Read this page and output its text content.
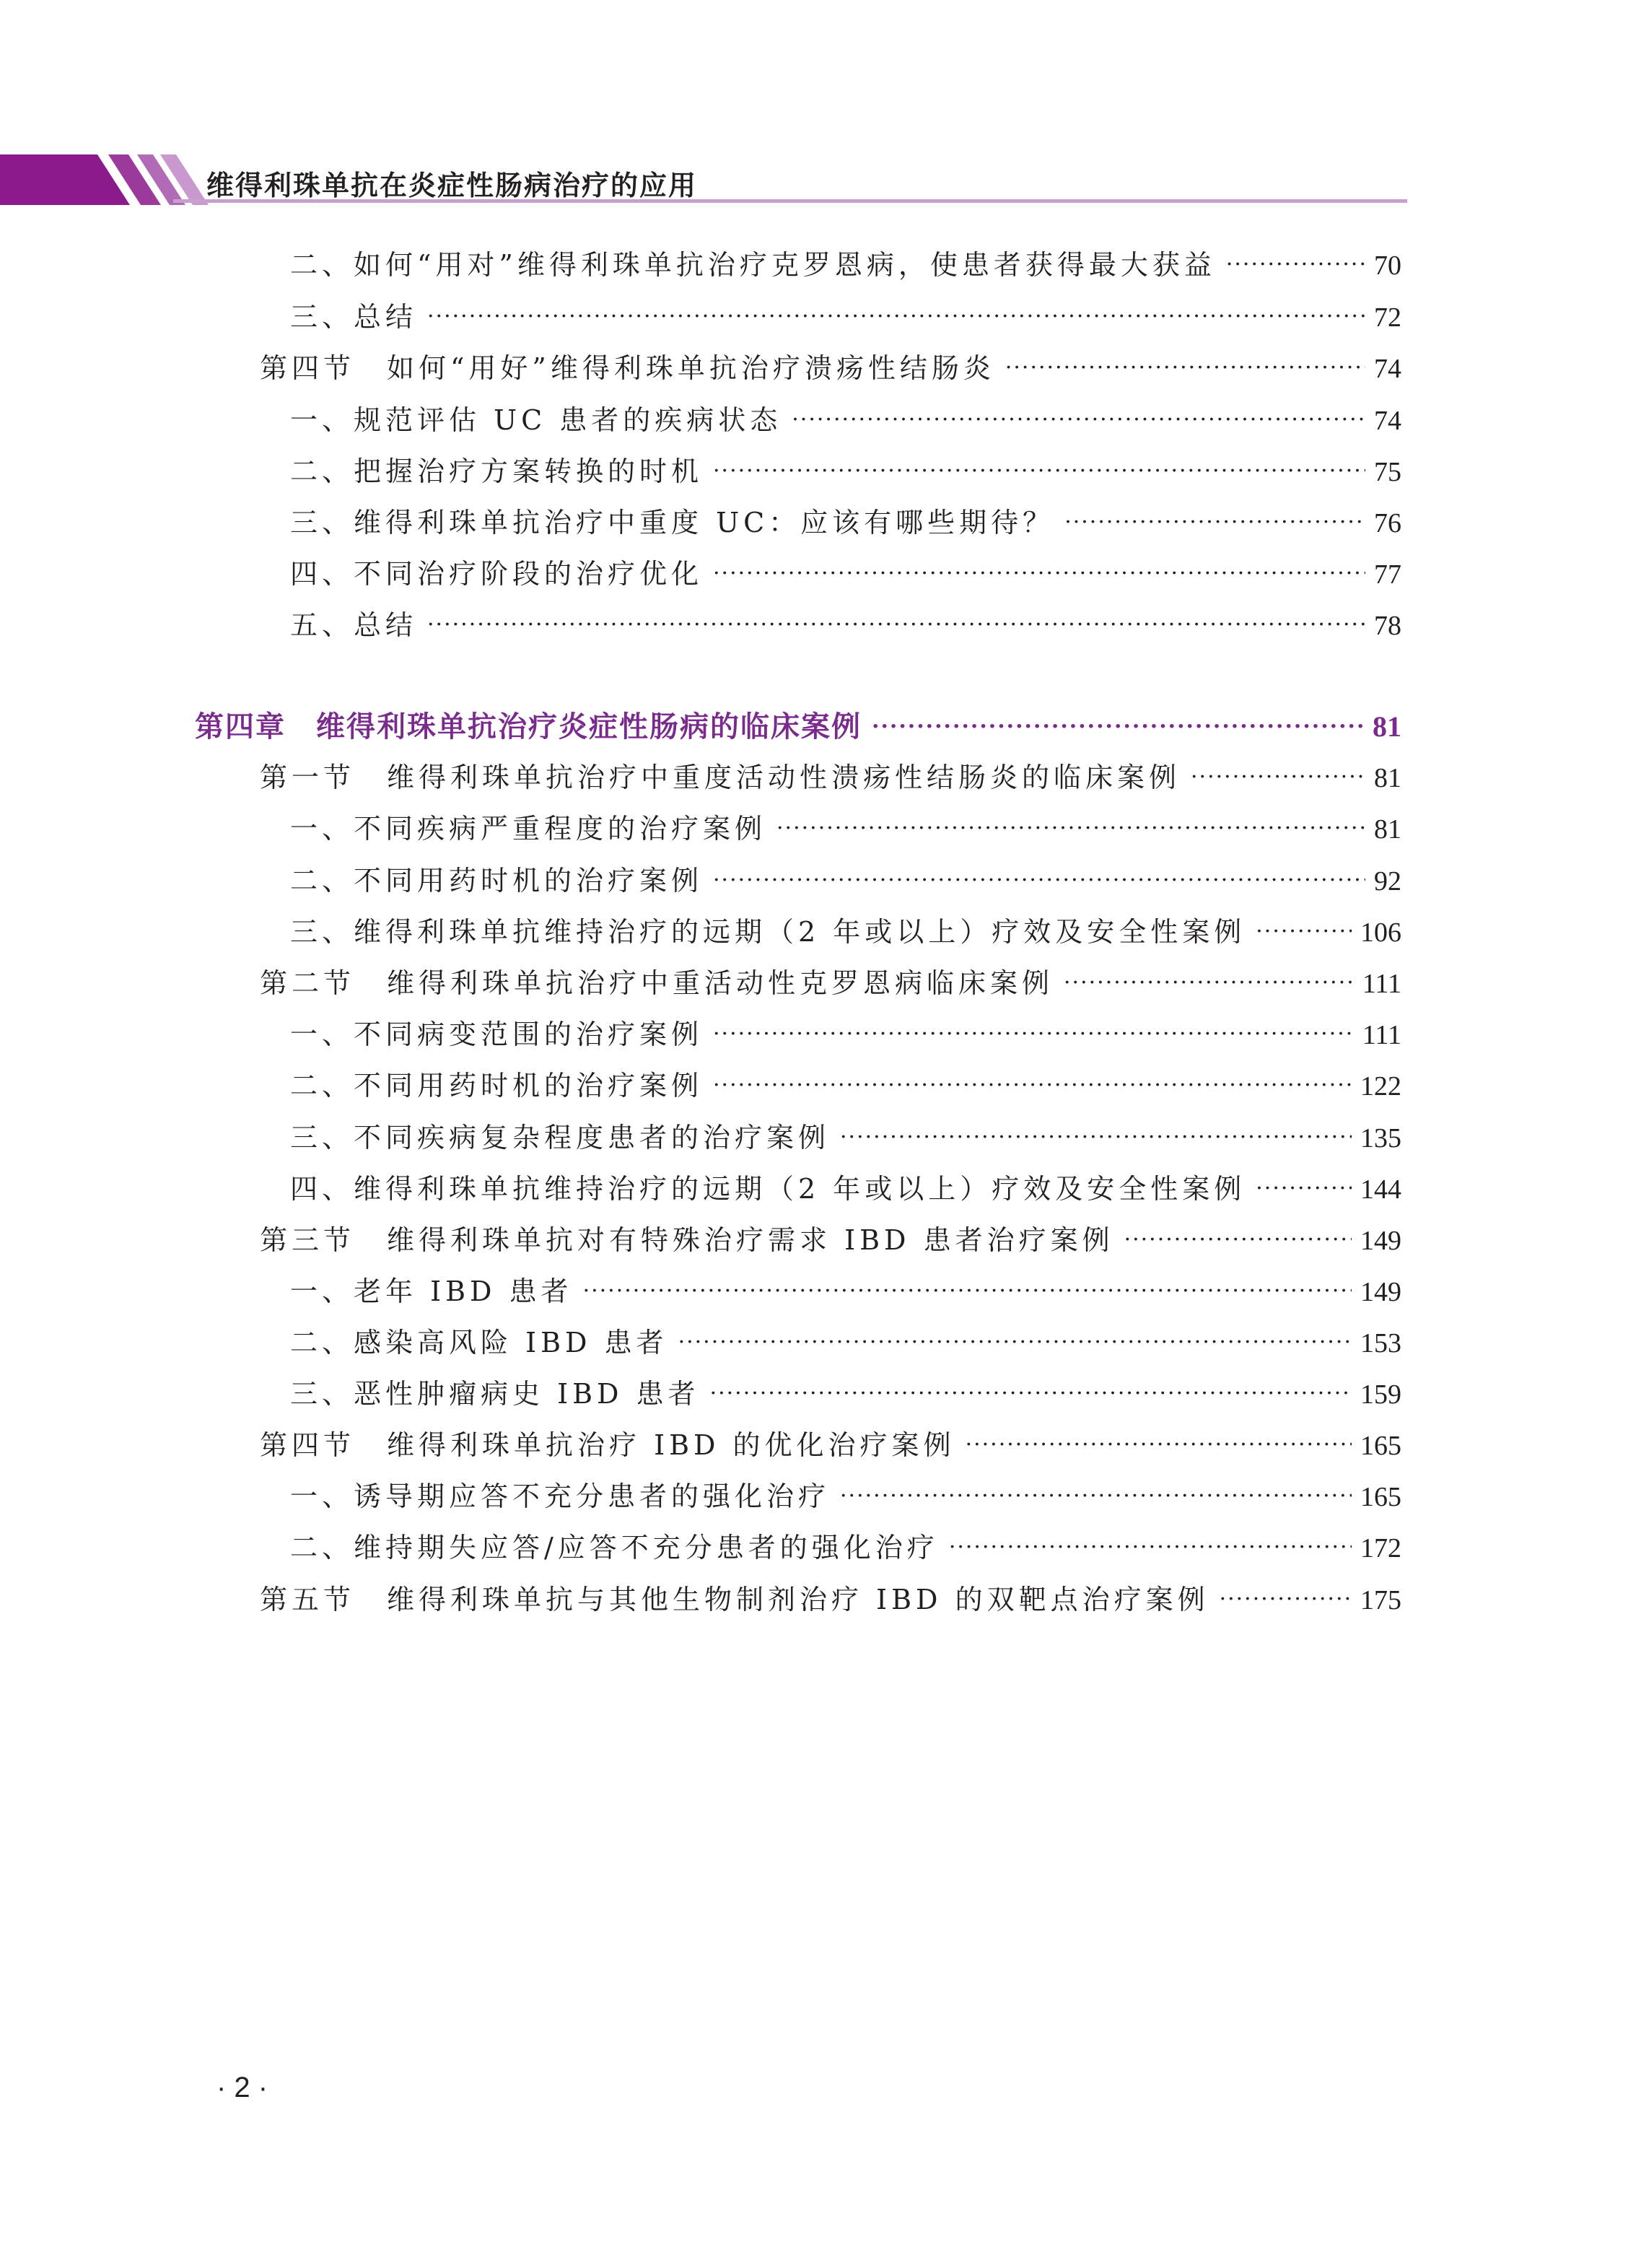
维得利珠单抗在炎症性肠病治疗的应用
二、如何“用对”维得利珠单抗治疗克罗恩病，使患者获得最大获益 ·····	70
三、总结 ·····	72
第四节　如何“用好”维得利珠单抗治疗溃疡性结肠炎 ·····	74
一、规范评估 UC 患者的疾病状态 ·····	74
二、把握治疗方案转换的时机 ·····	75
三、维得利珠单抗治疗中重度 UC：应该有哪些期待？ ·····	76
四、不同治疗阶段的治疗优化 ·····	77
五、总结 ·····	78
第四章　维得利珠单抗治疗炎症性肠病的临床案例 ·····	81
第一节　维得利珠单抗治疗中重度活动性溃疡性结肠炎的临床案例 ·····	81
一、不同疾病严重程度的治疗案例 ·····	81
二、不同用药时机的治疗案例 ·····	92
三、维得利珠单抗维持治疗的远期（2 年或以上）疗效及安全性案例 ·····	106
第二节　维得利珠单抗治疗中重活动性克罗恩病临床案例 ·····	111
一、不同病变范围的治疗案例 ·····	111
二、不同用药时机的治疗案例 ·····	122
三、不同疾病复杂程度患者的治疗案例 ·····	135
四、维得利珠单抗维持治疗的远期（2 年或以上）疗效及安全性案例 ·····	144
第三节　维得利珠单抗对有特殊治疗需求 IBD 患者治疗案例 ·····	149
一、老年 IBD 患者 ·····	149
二、感染高风险 IBD 患者 ·····	153
三、恶性肿瘤病史 IBD 患者 ·····	159
第四节　维得利珠单抗治疗 IBD 的优化治疗案例 ·····	165
一、诱导期应答不充分患者的强化治疗 ·····	165
二、维持期失应答/应答不充分患者的强化治疗 ·····	172
第五节　维得利珠单抗与其他生物制剂治疗 IBD 的双靶点治疗案例 ·····	175
· 2 ·
